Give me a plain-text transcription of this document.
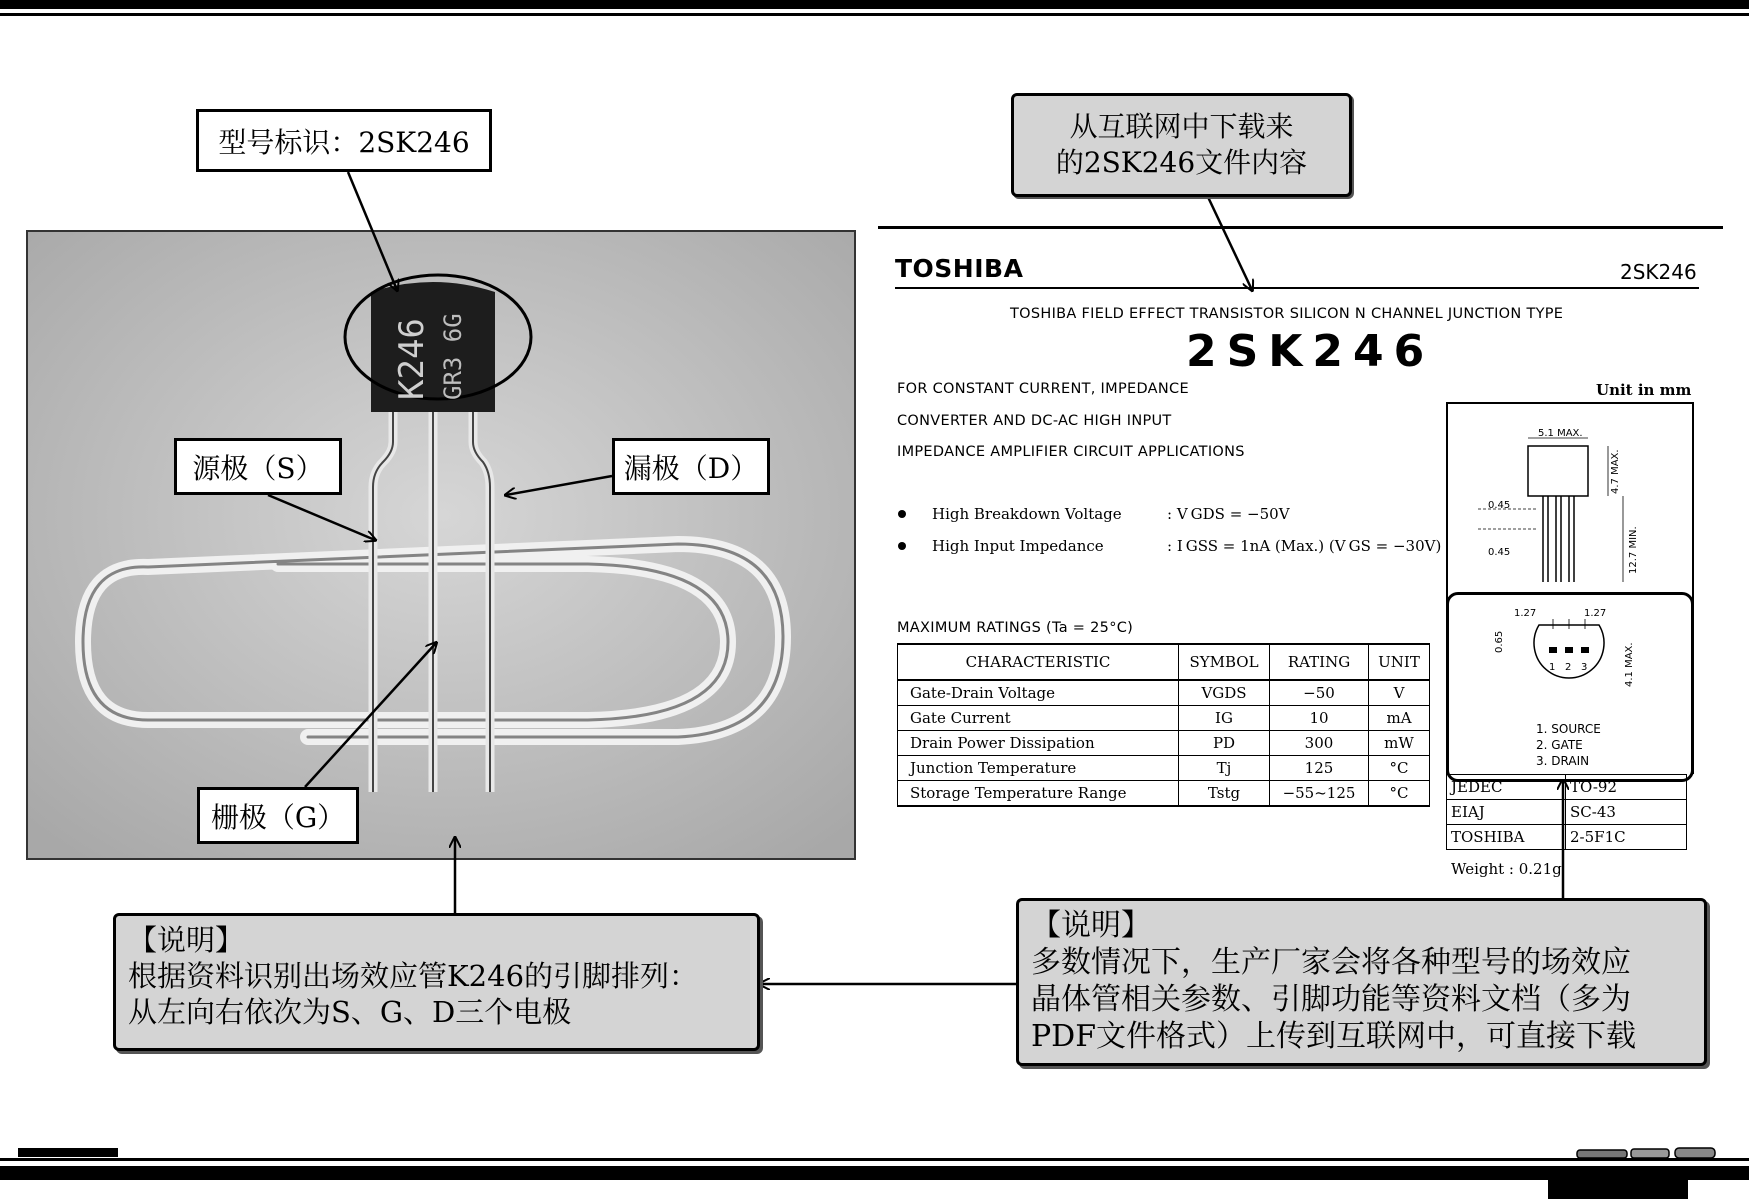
K246 GR3 6G
型号标识：2SK246
源极（S）	漏极（D）
栅极（G）
从互联网中下载来
的2SK246文件内容
TOSHIBA	2SK246
TOSHIBA FIELD EFFECT TRANSISTOR SILICON N CHANNEL JUNCTION TYPE
2SK246
FOR CONSTANT CURRENT, IMPEDANCE
CONVERTER AND DC-AC HIGH INPUT
IMPEDANCE AMPLIFIER CIRCUIT APPLICATIONS
High Breakdown Voltage	: V GDS = −50V
High Input Impedance	: I GSS = 1nA (Max.) (V GS = −30V)
MAXIMUM RATINGS (Ta = 25°C)
CHARACTERISTIC	SYMBOL	RATING	UNIT
Gate-Drain Voltage	VGDS	−50	V
Gate Current	IG	10	mA
Drain Power Dissipation	PD	300	mW
Junction Temperature	Tj	125	°C
Storage Temperature Range	Tstg	−55~125	°C
Unit in mm
5.1 MAX.
4.7 MAX.
0.45
0.45	12.7 MIN.
1.27	1.27
0.65
4.1 MAX.
1 2 3
1. SOURCE
2. GATE
3. DRAIN
JEDEC	TO-92
EIAJ	SC-43
TOSHIBA	2-5F1C
Weight : 0.21g
【说明】
根据资料识别出场效应管K246的引脚排列：
从左向右依次为S、G、D三个电极
【说明】
多数情况下，生产厂家会将各种型号的场效应
晶体管相关参数、引脚功能等资料文档（多为
PDF文件格式）上传到互联网中，可直接下载
